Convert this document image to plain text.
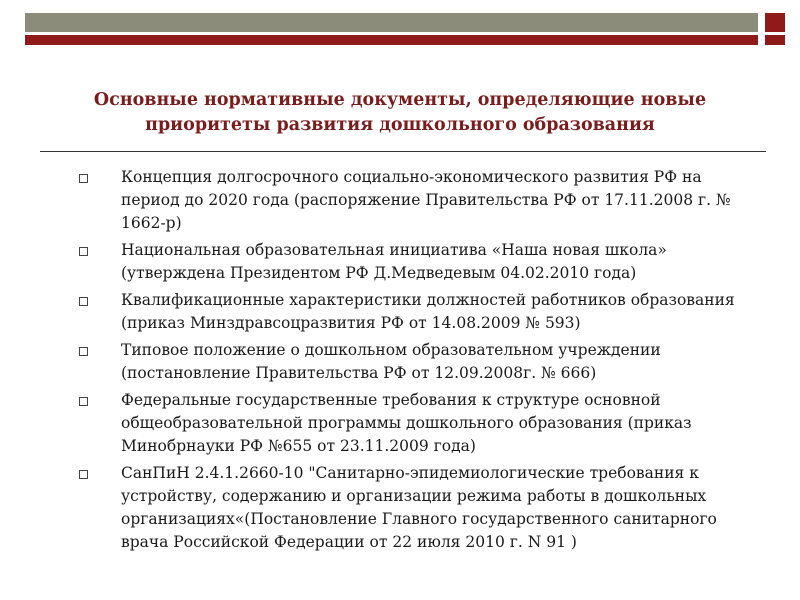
Основные нормативные документы, определяющие новые приоритеты развития дошкольного образования
Концепция долгосрочного социально-экономического развития РФ на период до 2020 года (распоряжение Правительства РФ от 17.11.2008 г. № 1662-р)
Национальная образовательная инициатива «Наша новая школа» (утверждена Президентом РФ Д.Медведевым 04.02.2010 года)
Квалификационные характеристики должностей работников образования (приказ Минздравсоцразвития РФ от 14.08.2009 № 593)
Типовое положение о дошкольном образовательном учреждении (постановление Правительства РФ от 12.09.2008г. № 666)
Федеральные государственные требования к структуре основной общеобразовательной программы дошкольного образования (приказ Минобрнауки РФ №655 от 23.11.2009 года)
СанПиН 2.4.1.2660-10 "Санитарно-эпидемиологические требования к устройству, содержанию и организации режима работы в дошкольных организациях«(Постановление Главного государственного санитарного врача Российской Федерации от 22 июля 2010 г. N 91 )
